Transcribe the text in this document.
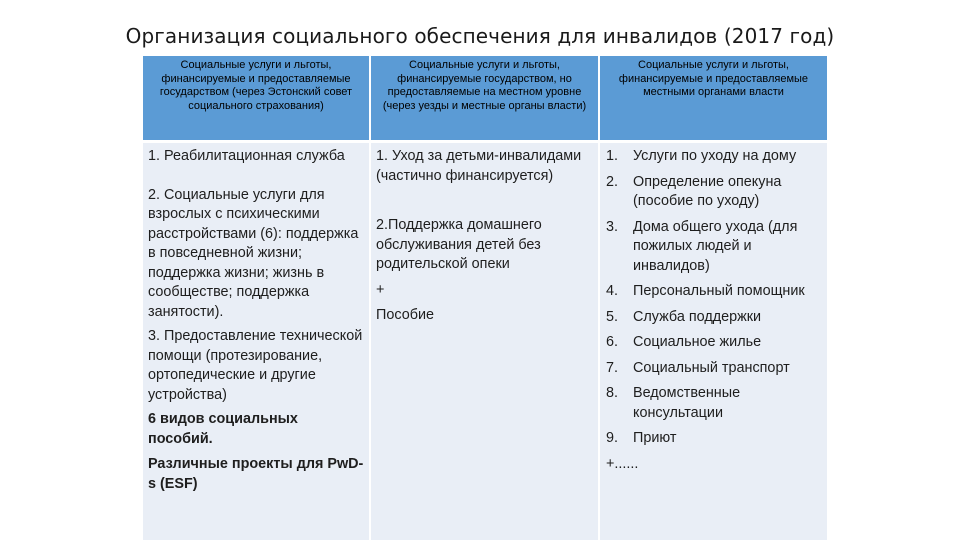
Организация социального обеспечения для инвалидов (2017 год)
Социальные услуги и льготы, финансируемые и предоставляемые государством (через Эстонский совет социального страхования)
Социальные услуги и льготы, финансируемые государством, но предоставляемые на местном уровне (через уезды и местные органы власти)
Социальные услуги и льготы, финансируемые и предоставляемые местными органами власти

1. Реабилитационная служба

2. Социальные услуги для взрослых с психическими расстройствами (6): поддержка в повседневной жизни; поддержка жизни; жизнь в сообществе; поддержка занятости).

3. Предоставление технической помощи (протезирование, ортопедические и другие устройства)

6 видов социальных пособий.

Различные проекты для PwD-s (ESF)

1. Уход за детьми-инвалидами (частично финансируется)

2.Поддержка домашнего обслуживания детей без родительской опеки

+

Пособие

1. Услуги по уходу на дому
2. Определение опекуна (пособие по уходу)
3. Дома общего ухода (для пожилых людей и инвалидов)
4. Персональный помощник
5. Служба поддержки
6. Социальное жилье
7. Социальный транспорт
8. Ведомственные консультации
9. Приют

+......
